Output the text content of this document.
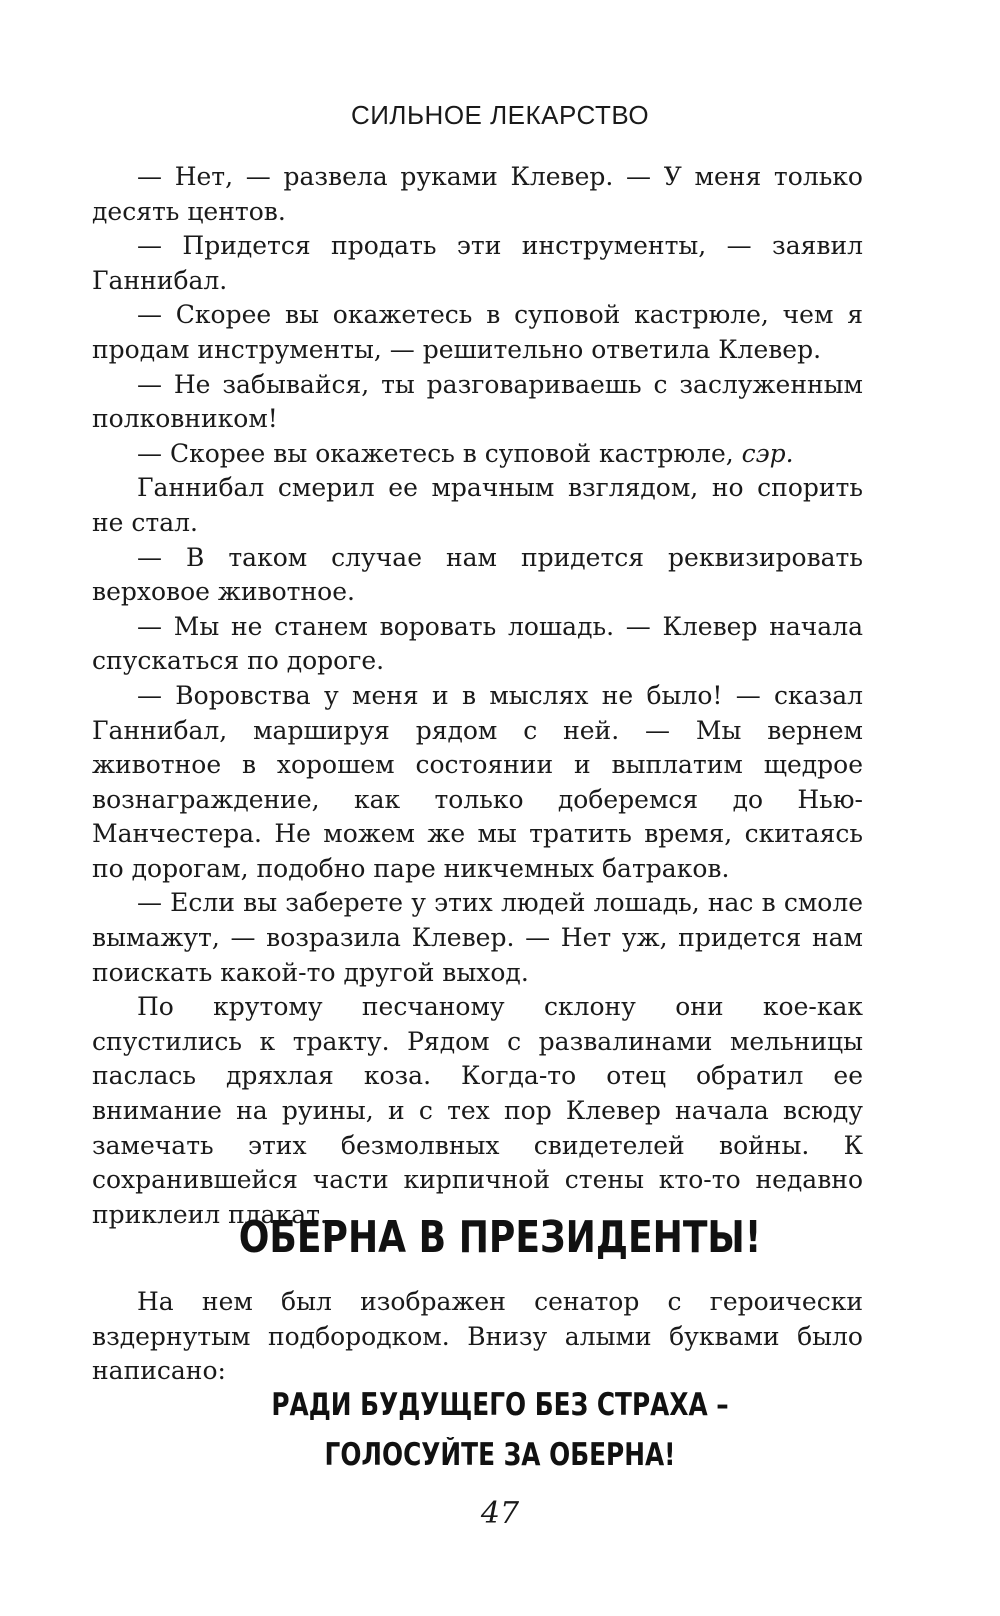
СИЛЬНОЕ ЛЕКАРСТВО

— Нет, — развела руками Клевер. — У меня только десять центов.

— Придется продать эти инструменты, — заявил Ганнибал.

— Скорее вы окажетесь в суповой кастрюле, чем я продам инструменты, — решительно ответила Клевер.

— Не забывайся, ты разговариваешь с заслуженным полковником!

— Скорее вы окажетесь в суповой кастрюле, сэр.

Ганнибал смерил ее мрачным взглядом, но спорить не стал.

— В таком случае нам придется реквизировать верховое животное.

— Мы не станем воровать лошадь. — Клевер начала спускаться по дороге.

— Воровства у меня и в мыслях не было! — сказал Ганнибал, маршируя рядом с ней. — Мы вернем животное в хорошем состоянии и выплатим щедрое вознаграждение, как только доберемся до Нью-Манчестера. Не можем же мы тратить время, скитаясь по дорогам, подобно паре никчемных батраков.

— Если вы заберете у этих людей лошадь, нас в смоле вымажут, — возразила Клевер. — Нет уж, придется нам поискать какой-то другой выход.

По крутому песчаному склону они кое-как спустились к тракту. Рядом с развалинами мельницы паслась дряхлая коза. Когда-то отец обратил ее внимание на руины, и с тех пор Клевер начала всюду замечать этих безмолвных свидетелей войны. К сохранившейся части кирпичной стены кто-то недавно приклеил плакат.

ОБЕРНА В ПРЕЗИДЕНТЫ!

На нем был изображен сенатор с героически вздернутым подбородком. Внизу алыми буквами было написано:

РАДИ БУДУЩЕГО БЕЗ СТРАХА –
ГОЛОСУЙТЕ ЗА ОБЕРНА!
47
